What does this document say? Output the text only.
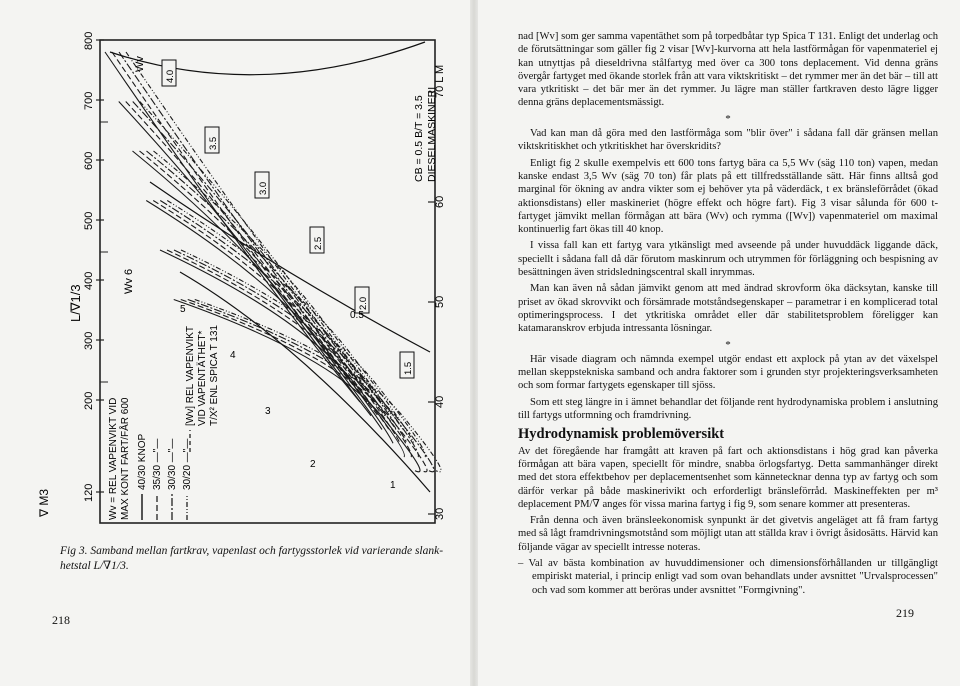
800
700
600
500
400
300
200
120
30
40
50
60
70 L M
∇ M3
L/∇1/3
Wv = REL VAPENVIKT VID MAX KONT FART/FÅR 600 40/30 KNOP 35/30 —"— 30/30 —"— 30/20 —"—
[Wv] REL VAPENVIKT VID VAPENTÄTHET* T/X² ENL SPICA T 131
CB = 0.5 B/T = 3.5 DIESELMASKINERI
4.0
3.5
3.0
2.5
2.0
1.5
Wv 6
Wv
5
4
3
2
1
0.5
Fig 3. Samband mellan fartkrav, vapenlast och fartygsstorlek vid varierande slank-hetstal L/∇1/3.
218

nad [Wv] som ger samma vapentäthet som på torpedbåtar typ Spica T 131. Enligt det underlag och de förutsättningar som gäller fig 2 visar [Wv]-kurvorna att hela lastförmågan för vapenmateriel ej kan utnyttjas på dieseldrivna stålfartyg med över ca 300 tons deplacement. Vid denna gräns övergår fartyget med ökande storlek från att vara viktskritiskt – det rymmer mer än det bär – till att vara ytkritiskt – det bär mer än det rymmer. Ju lägre man ställer fartkraven desto lägre ligger denna gräns deplacementsmässigt.

*

Vad kan man då göra med den lastförmåga som "blir över" i sådana fall där gränsen mellan viktskritiskhet och ytkritiskhet har överskridits?

Enligt fig 2 skulle exempelvis ett 600 tons fartyg bära ca 5,5 Wv (säg 110 ton) vapen, medan kanske endast 3,5 Wv (säg 70 ton) får plats på ett tillfredsställande sätt. Här finns alltså god marginal för ökning av andra vikter som ej behöver yta på väderdäck, t ex bränsleförrådet (ökad aktionsdistans) eller maskineriet (högre effekt och högre fart). Fig 3 visar sålunda för 600 t-fartyget jämvikt mellan förmågan att bära (Wv) och rymma ([Wv]) vapenmateriel om maximal kontinuerlig fart ökas till 40 knop.

I vissa fall kan ett fartyg vara ytkänsligt med avseende på under huvuddäck liggande däck, speciellt i sådana fall då där förutom maskinrum och utrymmen för förläggning och bespisning av besättningen även stridsledningscentral skall inrymmas.

Man kan även nå sådan jämvikt genom att med ändrad skrovform öka däcksytan, kanske till priset av ökad skrovvikt och försämrade motståndsegenskaper – parametrar i en komplicerad total optimeringsprocess. I det ytkritiska området eller där stabilitetsproblem föreligger kan katamaranskrov erbjuda intressanta lösningar.

*

Här visade diagram och nämnda exempel utgör endast ett axplock på ytan av det växelspel mellan skeppstekniska samband och andra faktorer som i grunden styr projekteringsverksamheten och som formar fartygets egenskaper till sjöss.

Som ett steg längre in i ämnet behandlar det följande rent hydrodynamiska problem i anslutning till fartygs utformning och framdrivning.

Hydrodynamisk problemöversikt

Av det föregående har framgått att kraven på fart och aktionsdistans i hög grad kan påverka förmågan att bära vapen, speciellt för mindre, snabba örlogsfartyg. Detta sammanhänger direkt med det stora effektbehov per deplacementsenhet som kännetecknar denna typ av fartyg och som därför verkar på både maskinerivikt och erforderligt bränsleförråd. Maskineffekten per m³ deplacement PM/∇ anges för vissa marina fartyg i fig 9, som senare kommer att presenteras.

Från denna och även bränsleekonomisk synpunkt är det givetvis angeläget att få fram fartyg med så lågt framdrivningsmotstånd som möjligt utan att ställda krav i övrigt åsidosätts. Härvid kan följande vägar av speciellt intresse noteras.

– Val av bästa kombination av huvuddimensioner och dimensionsförhållanden ur tillgängligt empiriskt material, i princip enligt vad som ovan behandlats under avsnittet "Urvalsprocessen" och vad som kommer att beröras under avsnittet "Formgivning".

219
